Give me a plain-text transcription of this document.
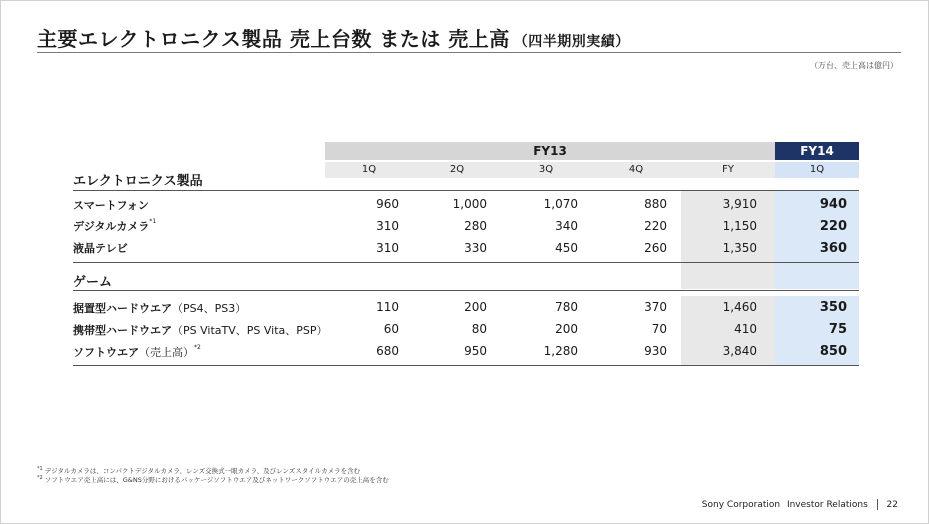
主要エレクトロニクス製品 売上台数 または 売上高 （四半期別実績）
（万台、売上高は億円）
FY13	FY14
1Q	2Q	3Q	4Q	FY	1Q
エレクトロニクス製品
スマートフォン	960	1,000	1,070	880	3,910	940
デジタルカメラ$^{*1}$	310	280	340	220	1,150	220
液晶テレビ	310	330	450	260	1,350	360
ゲーム
据置型ハードウエア（PS4、PS3）	110	200	780	370	1,460	350
携帯型ハードウエア（PS VitaTV、PS Vita、PSP）	60	80	200	70	410	75
ソフトウエア（売上高）$^{*2}$	680	950	1,280	930	3,840	850
$^{*1}$ デジタルカメラは、コンパクトデジタルカメラ、レンズ交換式一眼カメラ、及びレンズスタイルカメラを含む
$^{*2}$ ソフトウエア売上高には、G&NS分野におけるパッケージソフトウエア及びネットワークソフトウエアの売上高を含む
Sony Corporation Investor Relations 22
